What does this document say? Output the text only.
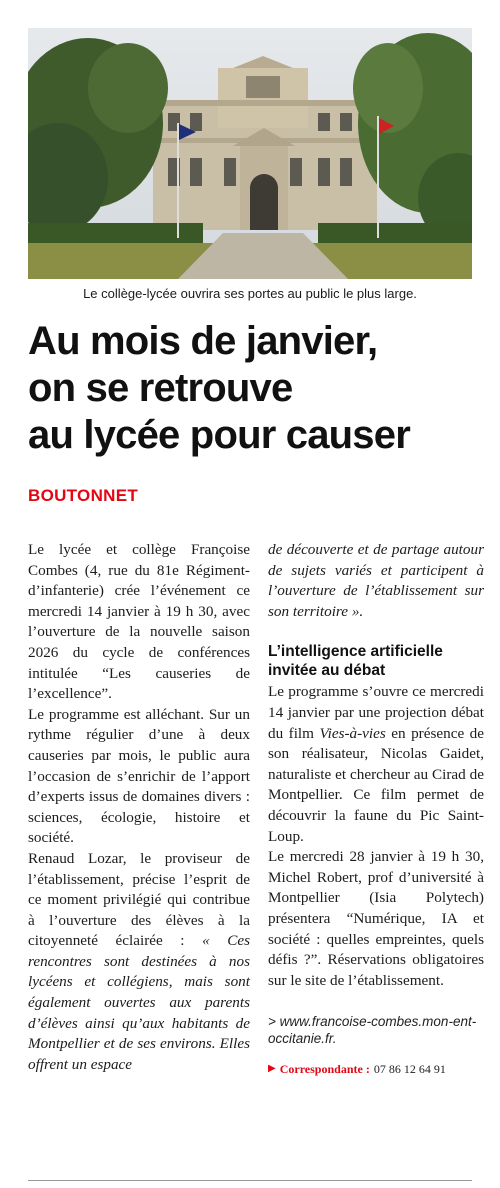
Le collège-lycée ouvrira ses portes au public le plus large.
Au mois de janvier,
on se retrouve
au lycée pour causer
BOUTONNET

Le lycée et collège Françoise Combes (4, rue du 81e Régiment-d’infanterie) crée l’événement ce mercredi 14 janvier à 19 h 30, avec l’ouverture de la nouvelle saison 2026 du cycle de conférences intitulée “Les causeries de l’excellence”.

Le programme est alléchant. Sur un rythme régulier d’une à deux causeries par mois, le public aura l’occasion de s’enrichir de l’apport d’experts issus de domaines divers : sciences, écologie, histoire et société.

Renaud Lozar, le proviseur de l’établissement, précise l’esprit de ce moment privilégié qui contribue à l’ouverture des élèves à la citoyenneté éclairée : « Ces rencontres sont destinées à nos lycéens et collégiens, mais sont également ouvertes aux parents d’élèves ainsi qu’aux habitants de Montpellier et de ses environs. Elles offrent un espace

de découverte et de partage autour de sujets variés et participent à l’ouverture de l’établissement sur son territoire ».

L’intelligence artificielle invitée au débat

Le programme s’ouvre ce mercredi 14 janvier par une projection débat du film Vies-à-vies en présence de son réalisateur, Nicolas Gaidet, naturaliste et chercheur au Cirad de Montpellier. Ce film permet de découvrir la faune du Pic Saint-Loup.

Le mercredi 28 janvier à 19 h 30, Michel Robert, prof d’université à Montpellier (Isia Polytech) présentera “Numérique, IA et société : quelles empreintes, quels défis ?”. Réservations obligatoires sur le site de l’établissement.

> www.francoise-combes.mon-ent-occitanie.fr.
▶ Correspondante : 07 86 12 64 91
